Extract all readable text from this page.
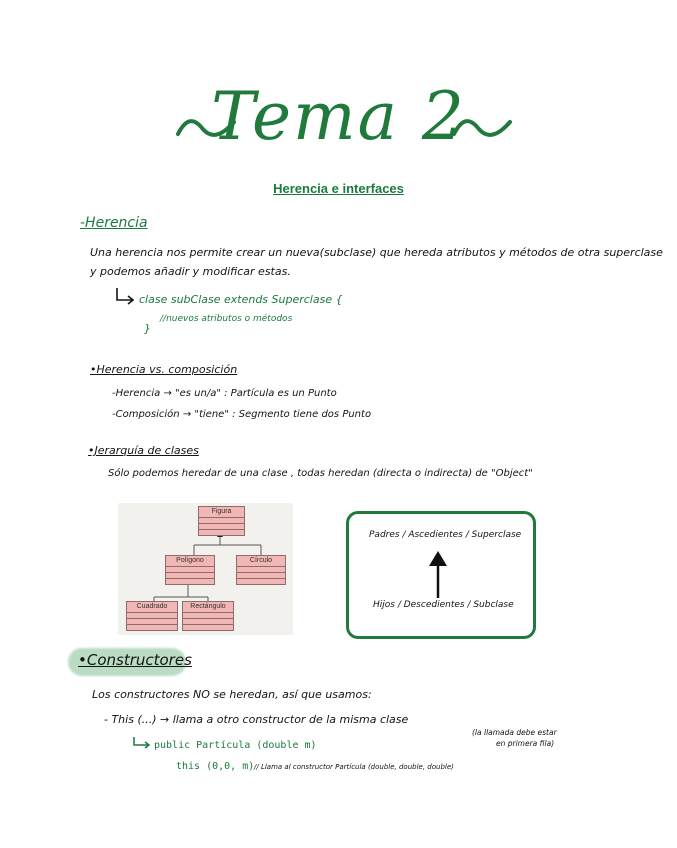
Tema 2
Herencia e interfaces
-Herencia
Una herencia nos permite crear un nueva(subclase) que hereda atributos y métodos de otra superclase
y podemos añadir y modificar estas.
clase subClase extends Superclase {
//nuevos atributos o métodos
}
•Herencia vs. composición
-Herencia → "es un/a" : Partícula es un Punto
-Composición → "tiene" : Segmento tiene dos Punto
•Jerarquía de clases
Sólo podemos heredar de una clase , todas heredan (directa o indirecta) de "Object"
Figura
Polígono	Círculo
Cuadrado	Rectángulo
Padres / Ascedientes / Superclase
Hijos / Descedientes / Subclase
•Constructores
Los constructores NO se heredan, así que usamos:
- This (...) → llama a otro constructor de la misma clase
(la llamada debe estar
en primera fila)
public Partícula (double m)
this (0,0, m) // Llama al constructor Partícula (double, double, double)
